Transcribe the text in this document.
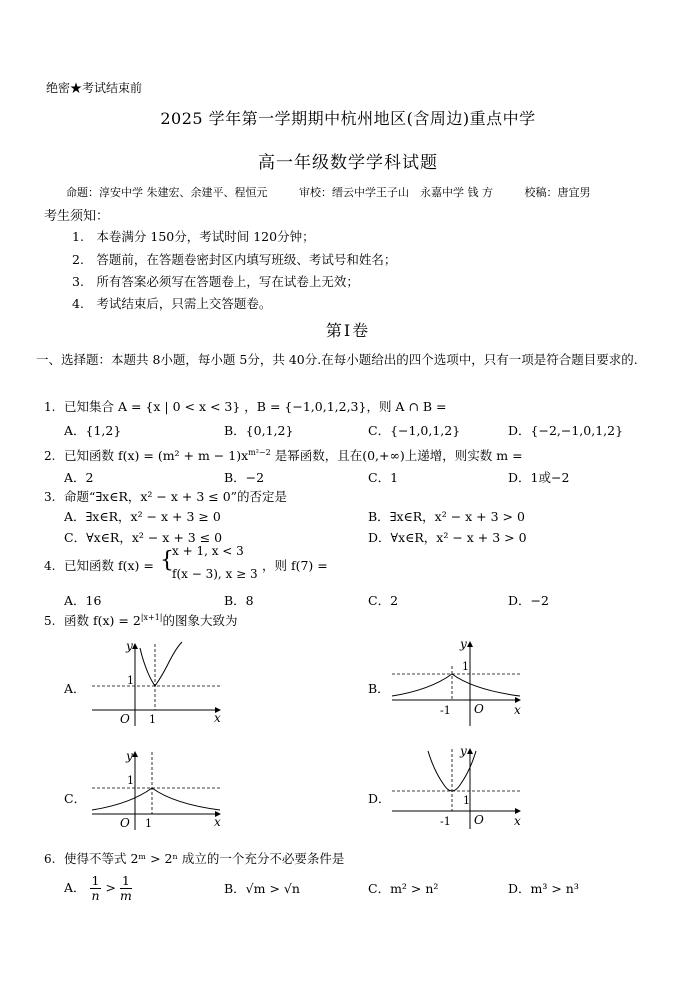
绝密★考试结束前
2025 学年第一学期期中杭州地区(含周边)重点中学
高一年级数学学科试题
命题：淳安中学 朱建宏、余建平、程恒元	审校：缙云中学王子山　永嘉中学 钱 方	校稿：唐宜男
考生须知：
1.　本卷满分 150分，考试时间 120分钟；
2.　答题前，在答题卷密封区内填写班级、考试号和姓名；
3.　所有答案必须写在答题卷上，写在试卷上无效；
4.　考试结束后，只需上交答题卷。
第Ⅰ卷
一、选择题：本题共 8小题，每小题 5分，共 40分.在每小题给出的四个选项中，只有一项是符合题目要求的.
1. 已知集合 A = {x | 0 < x < 3} ，B = {−1,0,1,2,3}，则 A ∩ B =
A．{1,2}	B．{0,1,2}	C．{−1,0,1,2}	D．{−2,−1,0,1,2}
2. 已知函数 $f(x) = (m^2 + m - 1)x^{m^2-2}$ 是幂函数，且在(0,+∞)上递增，则实数 m =
A．2	B．−2	C．1	D．1或−2
3. 命题“∃x∈R，x² − x + 3 ≤ 0”的否定是
A．∃x∈R，x² − x + 3 ≥ 0	B．∃x∈R，x² − x + 3 > 0
C．∀x∈R，x² − x + 3 ≤ 0	D．∀x∈R，x² − x + 3 > 0
4. 已知函数 f(x) = {
x + 1, x < 3
f(x − 3), x ≥ 3
，则 f(7) =
A．16	B．8	C．2	D．−2
5. 函数 $f(x) = 2^{|x+1|}$的图象大致为
A．
y
x
O
1
1
B．
y
x
O
1
-1
C．
y
x
O
1
1
D．
y
x
O
1
-1
6. 使得不等式 2ᵐ > 2ⁿ 成立的一个充分不必要条件是
A． $\frac{1}{n} > \frac{1}{m}$	B．√m > √n	C．m² > n²	D．m³ > n³
